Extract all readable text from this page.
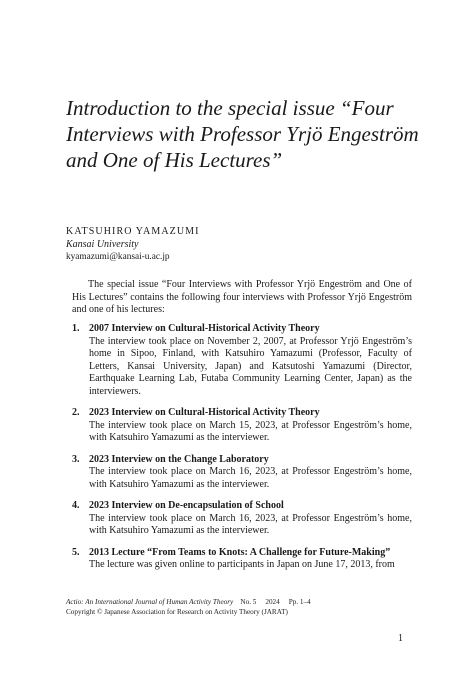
Introduction to the special issue “Four Interviews with Professor Yrjö Engeström and One of His Lectures”
KATSUHIRO YAMAZUMI
Kansai University
kyamazumi@kansai-u.ac.jp

The special issue “Four Interviews with Professor Yrjö Engeström and One of His Lectures” contains the following four interviews with Professor Yrjö Engeström and one of his lectures:

1. 2007 Interview on Cultural-Historical Activity Theory
The interview took place on November 2, 2007, at Professor Yrjö Engeström’s home in Sipoo, Finland, with Katsuhiro Yamazumi (Professor, Faculty of Letters, Kansai University, Japan) and Katsutoshi Yamazumi (Director, Earthquake Learning Lab, Futaba Community Learning Center, Japan) as the interviewers.
2. 2023 Interview on Cultural-Historical Activity Theory
The interview took place on March 15, 2023, at Professor Engeström’s home, with Katsuhiro Yamazumi as the interviewer.
3. 2023 Interview on the Change Laboratory
The interview took place on March 16, 2023, at Professor Engeström’s home, with Katsuhiro Yamazumi as the interviewer.
4. 2023 Interview on De-encapsulation of School
The interview took place on March 16, 2023, at Professor Engeström’s home, with Katsuhiro Yamazumi as the interviewer.
5. 2013 Lecture “From Teams to Knots: A Challenge for Future-Making”
The lecture was given online to participants in Japan on June 17, 2013, from
Actio: An International Journal of Human Activity Theory  No. 5  2024  Pp. 1–4
Copyright © Japanese Association for Research on Activity Theory (JARAT)
1
